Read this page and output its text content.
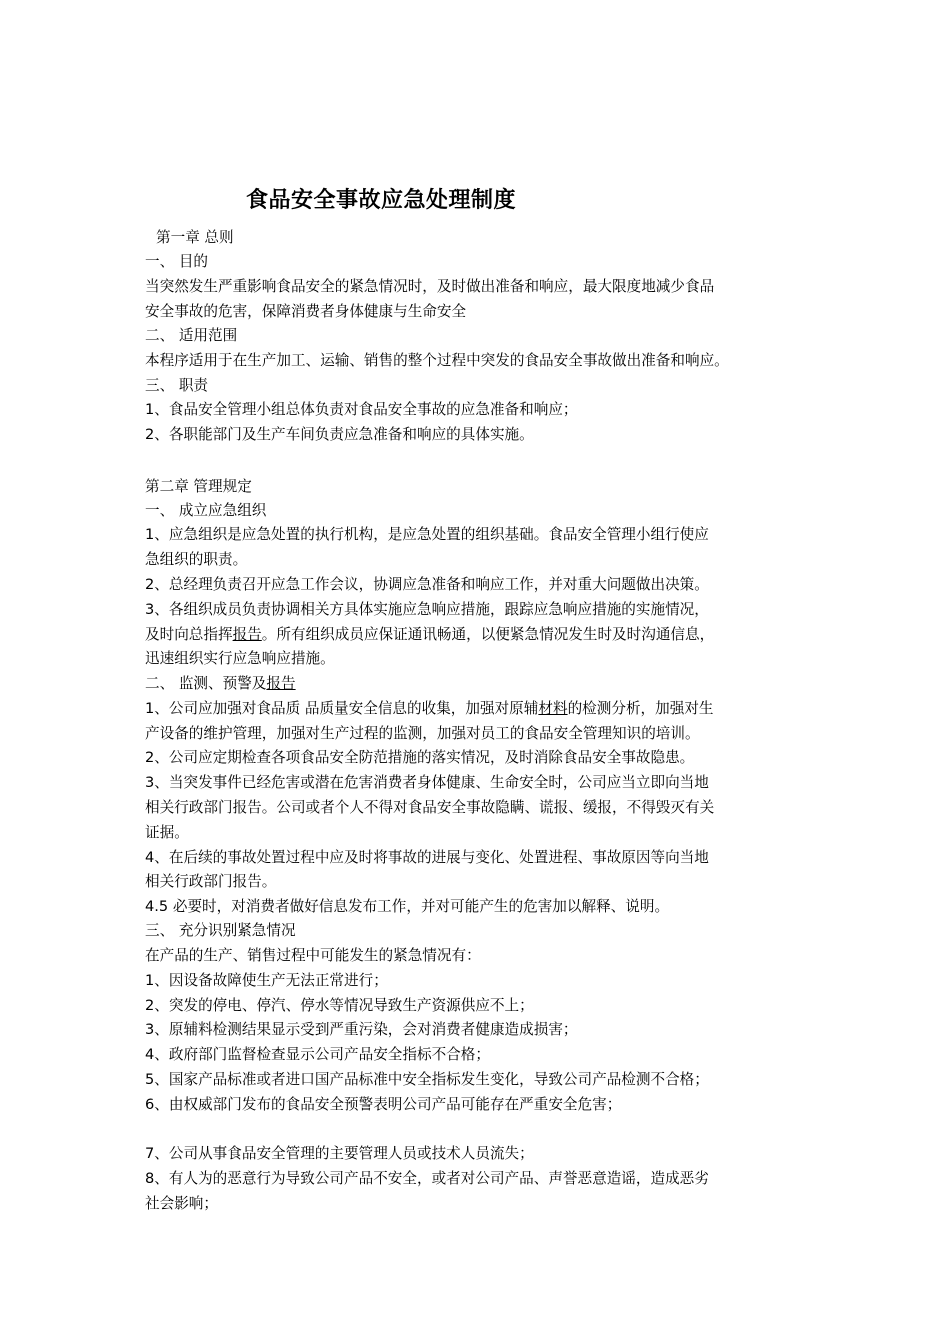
食品安全事故应急处理制度
第一章 总则
一、 目的
当突然发生严重影响食品安全的紧急情况时，及时做出准备和响应，最大限度地减少食品
安全事故的危害，保障消费者身体健康与生命安全
二、 适用范围
本程序适用于在生产加工、运输、销售的整个过程中突发的食品安全事故做出准备和响应。
三、 职责
1、食品安全管理小组总体负责对食品安全事故的应急准备和响应；
2、各职能部门及生产车间负责应急准备和响应的具体实施。
第二章 管理规定
一、 成立应急组织
1、应急组织是应急处置的执行机构，是应急处置的组织基础。食品安全管理小组行使应
急组织的职责。
2、总经理负责召开应急工作会议，协调应急准备和响应工作，并对重大问题做出决策。
3、各组织成员负责协调相关方具体实施应急响应措施，跟踪应急响应措施的实施情况，
及时向总指挥报告。所有组织成员应保证通讯畅通，以便紧急情况发生时及时沟通信息，
迅速组织实行应急响应措施。
二、 监测、预警及报告
1、公司应加强对食品质 品质量安全信息的收集，加强对原辅材料的检测分析，加强对生
产设备的维护管理，加强对生产过程的监测，加强对员工的食品安全管理知识的培训。
2、公司应定期检查各项食品安全防范措施的落实情况，及时消除食品安全事故隐患。
3、当突发事件已经危害或潜在危害消费者身体健康、生命安全时，公司应当立即向当地
相关行政部门报告。公司或者个人不得对食品安全事故隐瞒、谎报、缓报，不得毁灭有关
证据。
4、在后续的事故处置过程中应及时将事故的进展与变化、处置进程、事故原因等向当地
相关行政部门报告。
4.5 必要时，对消费者做好信息发布工作，并对可能产生的危害加以解释、说明。
三、 充分识别紧急情况
在产品的生产、销售过程中可能发生的紧急情况有：
1、因设备故障使生产无法正常进行；
2、突发的停电、停汽、停水等情况导致生产资源供应不上；
3、原辅料检测结果显示受到严重污染，会对消费者健康造成损害；
4、政府部门监督检查显示公司产品安全指标不合格；
5、国家产品标准或者进口国产品标准中安全指标发生变化，导致公司产品检测不合格；
6、由权威部门发布的食品安全预警表明公司产品可能存在严重安全危害；
7、公司从事食品安全管理的主要管理人员或技术人员流失；
8、有人为的恶意行为导致公司产品不安全，或者对公司产品、声誉恶意造谣，造成恶劣
社会影响；
